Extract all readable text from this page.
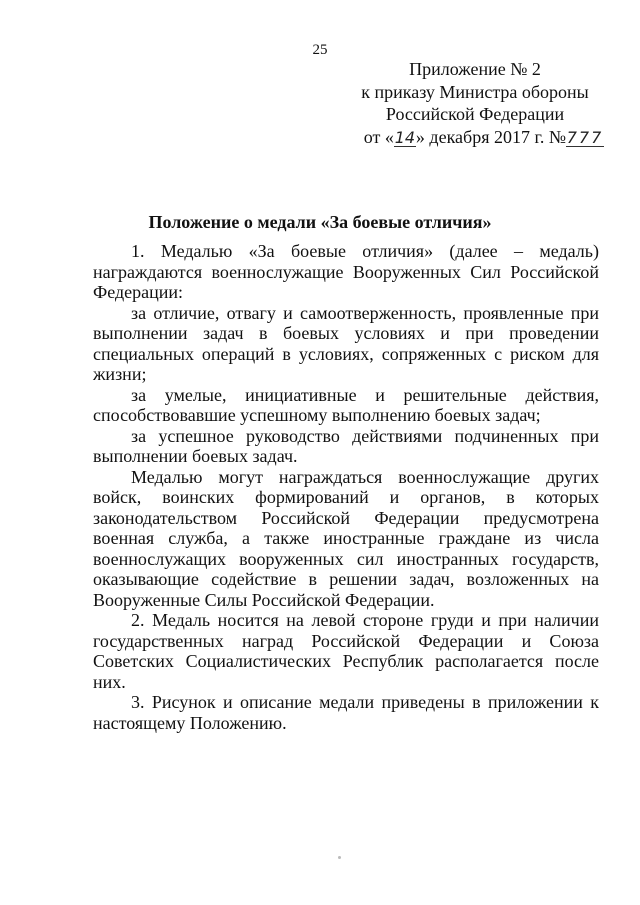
25
Приложение № 2
к приказу Министра обороны
Российской Федерации
от «14» декабря 2017 г. №777
Положение о медали «За боевые отличия»

1. Медалью «За боевые отличия» (далее – медаль) награждаются военнослужащие Вооруженных Сил Российской Федерации:

за отличие, отвагу и самоотверженность, проявленные при выполнении задач в боевых условиях и при проведении специальных операций в условиях, сопряженных с риском для жизни;

за умелые, инициативные и решительные действия, способствовавшие успешному выполнению боевых задач;

за успешное руководство действиями подчиненных при выполнении боевых задач.

Медалью могут награждаться военнослужащие других войск, воинских формирований и органов, в которых законодательством Российской Федерации предусмотрена военная служба, а также иностранные граждане из числа военнослужащих вооруженных сил иностранных государств, оказывающие содействие в решении задач, возложенных на Вооруженные Силы Российской Федерации.

2. Медаль носится на левой стороне груди и при наличии государственных наград Российской Федерации и Союза Советских Социалистических Республик располагается после них.

3. Рисунок и описание медали приведены в приложении к настоящему Положению.
